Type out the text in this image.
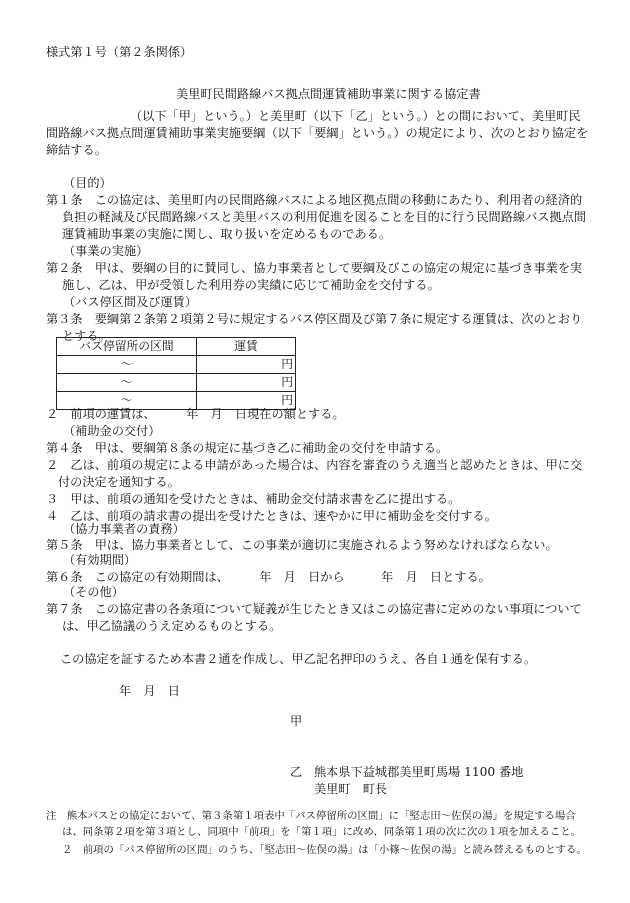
様式第１号（第２条関係）
美里町民間路線バス拠点間運賃補助事業に関する協定書
（以下「甲」という。）と美里町（以下「乙」という。）との間において、美里町民間路線バス拠点間運賃補助事業実施要綱（以下「要綱」という。）の規定により、次のとおり協定を締結する。
（目的）
第１条　 この協定は、美里町内の民間路線バスによる地区拠点間の移動にあたり、利用者の経済的負担の軽減及び民間路線バスと美里バスの利用促進を図ることを目的に行う民間路線バス拠点間運賃補助事業の実施に関し、取り扱いを定めるものである。
（事業の実施）
第２条　 甲は、要綱の目的に賛同し、協力事業者として要綱及びこの協定の規定に基づき事業を実施し、乙は、甲が受領した利用券の実績に応じて補助金を交付する。
（バス停区間及び運賃）
第３条　 要綱第２条第２項第２号に規定するバス停区間及び第７条に規定する運賃は、次のとおりとする。
バス停留所の区間	運賃
～	円
～	円
～	円
２　 前項の運賃は、　　　年　月　日現在の額とする。
（補助金の交付）
第４条　 甲は、要綱第８条の規定に基づき乙に補助金の交付を申請する。
２　 乙は、前項の規定による申請があった場合は、内容を審査のうえ適当と認めたときは、甲に交付の決定を通知する。
３　 甲は、前項の通知を受けたときは、補助金交付請求書を乙に提出する。
４　 乙は、前項の請求書の提出を受けたときは、速やかに甲に補助金を交付する。
（協力事業者の責務）
第５条　 甲は、協力事業者として、この事業が適切に実施されるよう努めなければならない。
（有効期間）
第６条　 この協定の有効期間は、　　　年　月　日から　　　年　月　日とする。
（その他）
第７条　 この協定書の各条項について疑義が生じたとき又はこの協定書に定めのない事項については、甲乙協議のうえ定めるものとする。
この協定を証するため本書２通を作成し、甲乙記名押印のうえ、各自１通を保有する。
年　月　日
甲
乙 熊本県下益城郡美里町馬場 1100 番地
美里町　町長
注　 熊本バスとの協定において、第３条第１項表中「バス停留所の区間」に「堅志田～佐俣の湯」を規定する場合は、同条第２項を第３項とし、同項中「前項」を「第１項」に改め、同条第１項の次に次の１項を加えること。
２　 前項の「バス停留所の区間」のうち、「堅志田～佐俣の湯」は「小篠～佐俣の湯」と読み替えるものとする。
